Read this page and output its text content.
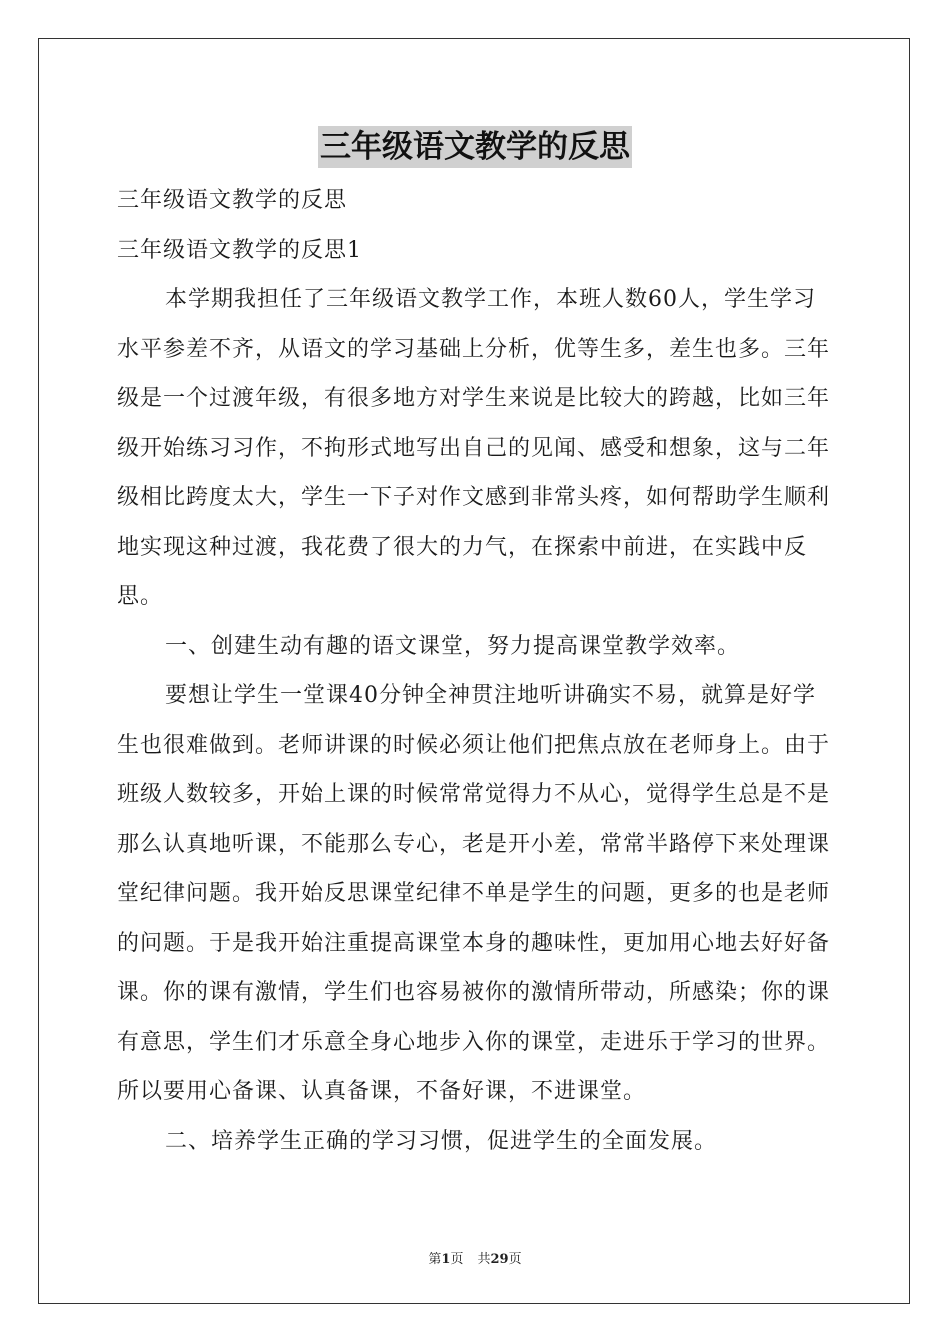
三年级语文教学的反思

三年级语文教学的反思

三年级语文教学的反思1

本学期我担任了三年级语文教学工作，本班人数60人，学生学习水平参差不齐，从语文的学习基础上分析，优等生多，差生也多。三年级是一个过渡年级，有很多地方对学生来说是比较大的跨越，比如三年级开始练习习作，不拘形式地写出自己的见闻、感受和想象，这与二年级相比跨度太大，学生一下子对作文感到非常头疼，如何帮助学生顺利地实现这种过渡，我花费了很大的力气，在探索中前进，在实践中反思。

一、创建生动有趣的语文课堂，努力提高课堂教学效率。

要想让学生一堂课40分钟全神贯注地听讲确实不易，就算是好学生也很难做到。老师讲课的时候必须让他们把焦点放在老师身上。由于班级人数较多，开始上课的时候常常觉得力不从心，觉得学生总是不是那么认真地听课，不能那么专心，老是开小差，常常半路停下来处理课堂纪律问题。我开始反思课堂纪律不单是学生的问题，更多的也是老师的问题。于是我开始注重提高课堂本身的趣味性，更加用心地去好好备课。你的课有激情，学生们也容易被你的激情所带动，所感染；你的课有意思，学生们才乐意全身心地步入你的课堂，走进乐于学习的世界。所以要用心备课、认真备课，不备好课，不进课堂。

二、培养学生正确的学习习惯，促进学生的全面发展。

第1页 共29页
